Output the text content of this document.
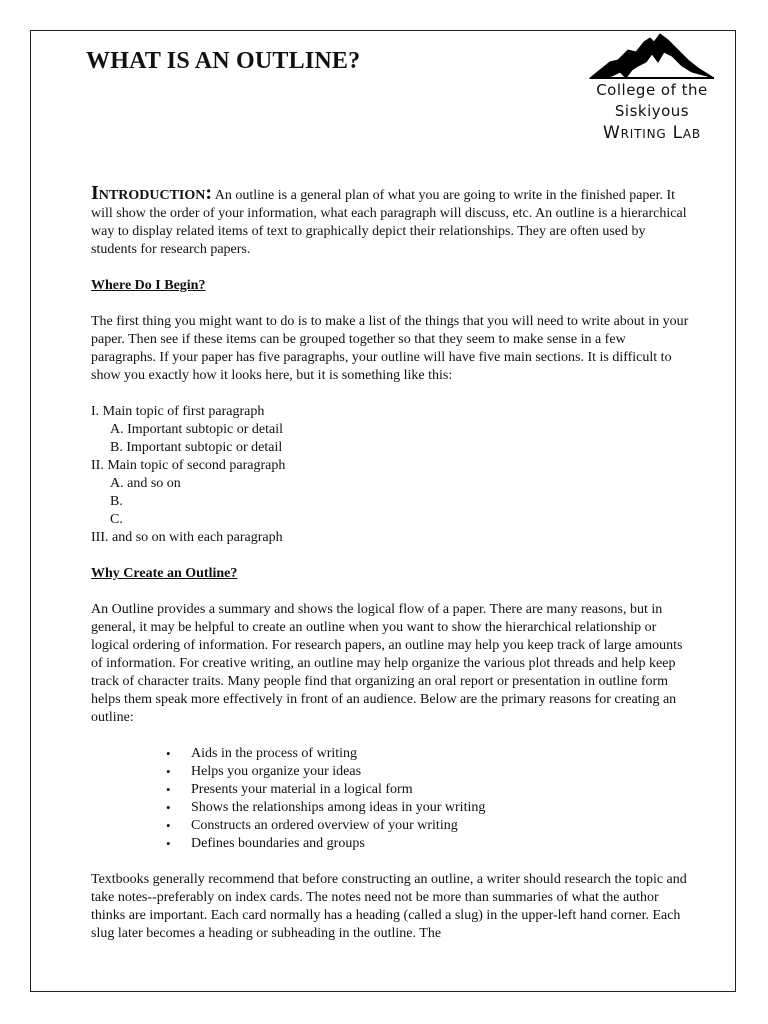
WHAT IS AN OUTLINE?
College of the
Siskiyous
Writing Lab

Introduction: An outline is a general plan of what you are going to write in the finished paper. It will show the order of your information, what each paragraph will discuss, etc. An outline is a hierarchical way to display related items of text to graphically depict their relationships. They are often used by students for research papers.

Where Do I Begin?

The first thing you might want to do is to make a list of the things that you will need to write about in your paper. Then see if these items can be grouped together so that they seem to make sense in a few paragraphs. If your paper has five paragraphs, your outline will have five main sections. It is difficult to show you exactly how it looks here, but it is something like this:

I. Main topic of first paragraph
A. Important subtopic or detail
B. Important subtopic or detail
II. Main topic of second paragraph
A. and so on
B.
C.
III. and so on with each paragraph

Why Create an Outline?

An Outline provides a summary and shows the logical flow of a paper. There are many reasons, but in general, it may be helpful to create an outline when you want to show the hierarchical relationship or logical ordering of information. For research papers, an outline may help you keep track of large amounts of information. For creative writing, an outline may help organize the various plot threads and help keep track of character traits. Many people find that organizing an oral report or presentation in outline form helps them speak more effectively in front of an audience. Below are the primary reasons for creating an outline:

• Aids in the process of writing
• Helps you organize your ideas
• Presents your material in a logical form
• Shows the relationships among ideas in your writing
• Constructs an ordered overview of your writing
• Defines boundaries and groups

Textbooks generally recommend that before constructing an outline, a writer should research the topic and take notes--preferably on index cards. The notes need not be more than summaries of what the author thinks are important. Each card normally has a heading (called a slug) in the upper-left hand corner. Each slug later becomes a heading or subheading in the outline. The
